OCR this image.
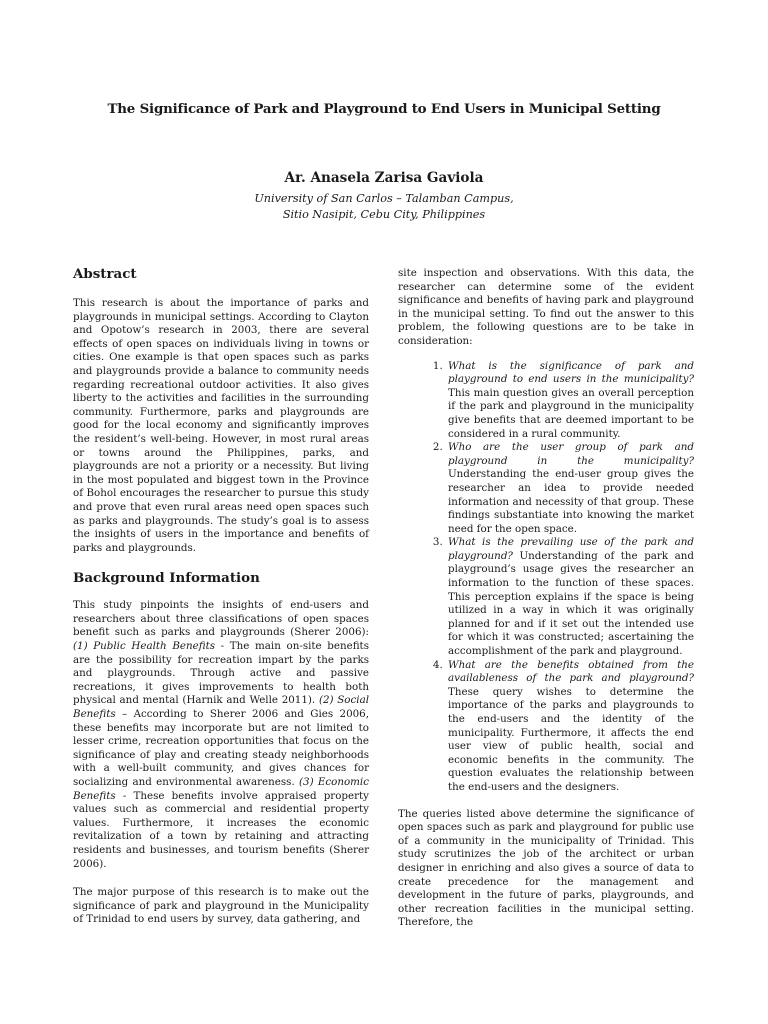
The Significance of Park and Playground to End Users in Municipal Setting
Ar. Anasela Zarisa Gaviola
University of San Carlos – Talamban Campus,
Sitio Nasipit, Cebu City, Philippines
Abstract

This research is about the importance of parks and playgrounds in municipal settings. According to Clayton and Opotow’s research in 2003, there are several effects of open spaces on individuals living in towns or cities. One example is that open spaces such as parks and playgrounds provide a balance to community needs regarding recreational outdoor activities. It also gives liberty to the activities and facilities in the surrounding community. Furthermore, parks and playgrounds are good for the local economy and significantly improves the resident’s well-being. However, in most rural areas or towns around the Philippines, parks, and playgrounds are not a priority or a necessity. But living in the most populated and biggest town in the Province of Bohol encourages the researcher to pursue this study and prove that even rural areas need open spaces such as parks and playgrounds. The study’s goal is to assess the insights of users in the importance and benefits of parks and playgrounds.

Background Information

This study pinpoints the insights of end-users and researchers about three classifications of open spaces benefit such as parks and playgrounds (Sherer 2006): (1) Public Health Benefits - The main on-site benefits are the possibility for recreation impart by the parks and playgrounds. Through active and passive recreations, it gives improvements to health both physical and mental (Harnik and Welle 2011). (2) Social Benefits – According to Sherer 2006 and Gies 2006, these benefits may incorporate but are not limited to lesser crime, recreation opportunities that focus on the significance of play and creating steady neighborhoods with a well-built community, and gives chances for socializing and environmental awareness. (3) Economic Benefits - These benefits involve appraised property values such as commercial and residential property values. Furthermore, it increases the economic revitalization of a town by retaining and attracting residents and businesses, and tourism benefits (Sherer 2006).

The major purpose of this research is to make out the significance of park and playground in the Municipality of Trinidad to end users by survey, data gathering, and

site inspection and observations. With this data, the researcher can determine some of the evident significance and benefits of having park and playground in the municipal setting. To find out the answer to this problem, the following questions are to be take in consideration:

1. What is the significance of park and playground to end users in the municipality? This main question gives an overall perception if the park and playground in the municipality give benefits that are deemed important to be considered in a rural community.
2. Who are the user group of park and playground in the municipality? Understanding the end-user group gives the researcher an idea to provide needed information and necessity of that group. These findings substantiate into knowing the market need for the open space.
3. What is the prevailing use of the park and playground? Understanding of the park and playground’s usage gives the researcher an information to the function of these spaces. This perception explains if the space is being utilized in a way in which it was originally planned for and if it set out the intended use for which it was constructed; ascertaining the accomplishment of the park and playground.
4. What are the benefits obtained from the availableness of the park and playground? These query wishes to determine the importance of the parks and playgrounds to the end-users and the identity of the municipality. Furthermore, it affects the end user view of public health, social and economic benefits in the community. The question evaluates the relationship between the end-users and the designers.

The queries listed above determine the significance of open spaces such as park and playground for public use of a community in the municipality of Trinidad. This study scrutinizes the job of the architect or urban designer in enriching and also gives a source of data to create precedence for the management and development in the future of parks, playgrounds, and other recreation facilities in the municipal setting. Therefore, the
